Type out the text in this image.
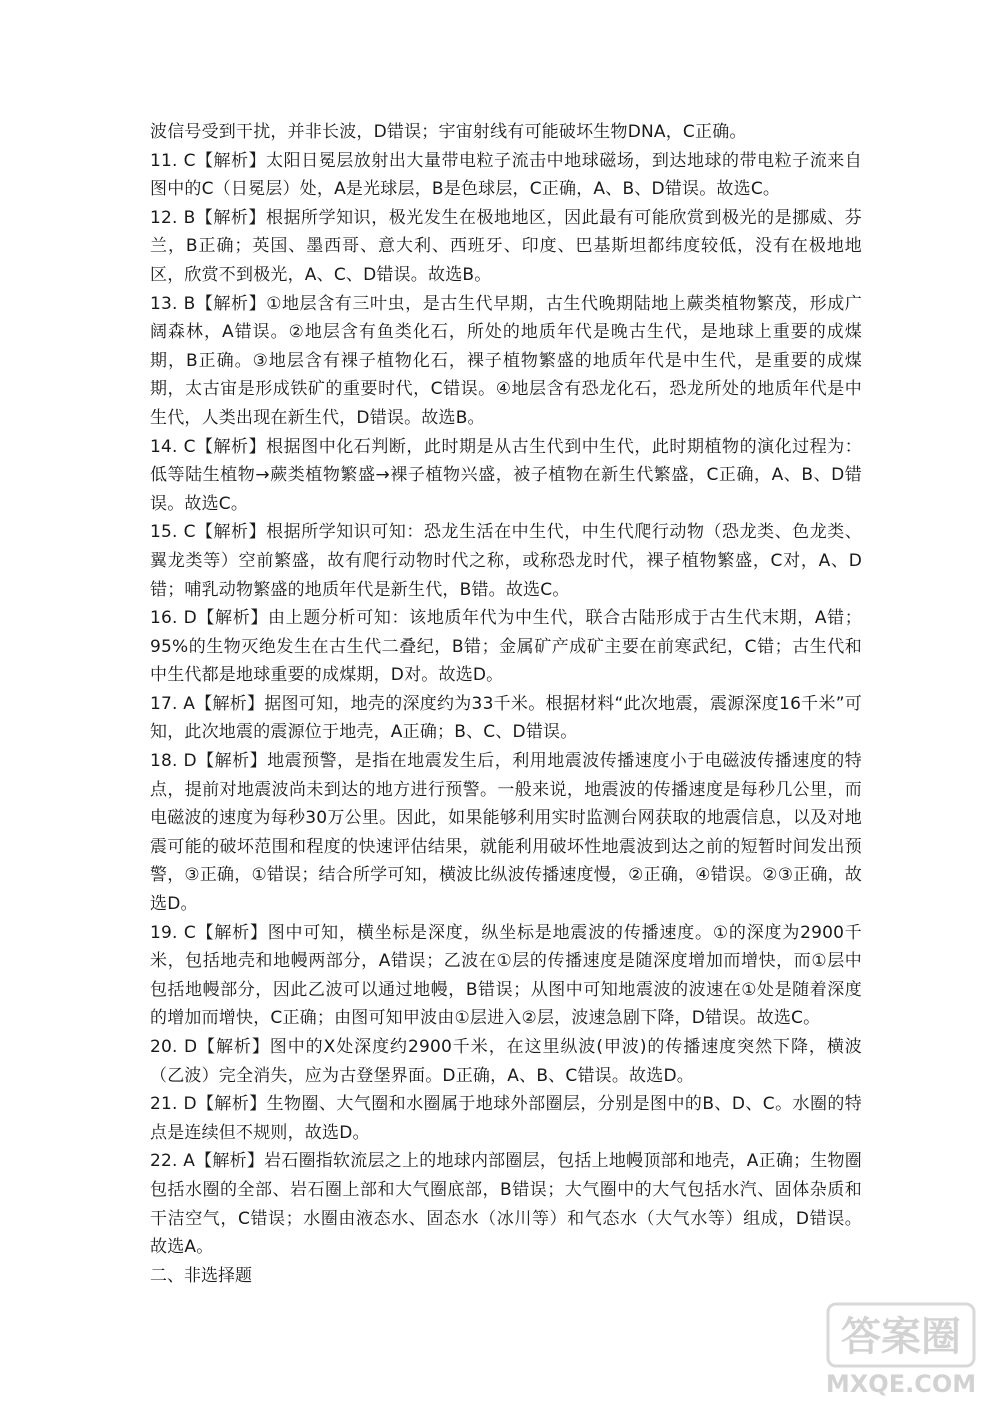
波信号受到干扰，并非长波，D错误；宇宙射线有可能破坏生物DNA，C正确。

11. C【解析】太阳日冕层放射出大量带电粒子流击中地球磁场，到达地球的带电粒子流来自图中的C（日冕层）处，A是光球层，B是色球层，C正确，A、B、D错误。故选C。

12. B【解析】根据所学知识，极光发生在极地地区，因此最有可能欣赏到极光的是挪威、芬兰，B正确；英国、墨西哥、意大利、西班牙、印度、巴基斯坦都纬度较低，没有在极地地区，欣赏不到极光，A、C、D错误。故选B。

13. B【解析】①地层含有三叶虫，是古生代早期，古生代晚期陆地上蕨类植物繁茂，形成广阔森林，A错误。②地层含有鱼类化石，所处的地质年代是晚古生代，是地球上重要的成煤期，B正确。③地层含有裸子植物化石，裸子植物繁盛的地质年代是中生代，是重要的成煤期，太古宙是形成铁矿的重要时代，C错误。④地层含有恐龙化石，恐龙所处的地质年代是中生代，人类出现在新生代，D错误。故选B。

14. C【解析】根据图中化石判断，此时期是从古生代到中生代，此时期植物的演化过程为：低等陆生植物→蕨类植物繁盛→裸子植物兴盛，被子植物在新生代繁盛，C正确，A、B、D错误。故选C。

15. C【解析】根据所学知识可知：恐龙生活在中生代，中生代爬行动物（恐龙类、色龙类、翼龙类等）空前繁盛，故有爬行动物时代之称，或称恐龙时代，裸子植物繁盛，C对，A、D错；哺乳动物繁盛的地质年代是新生代，B错。故选C。

16. D【解析】由上题分析可知：该地质年代为中生代，联合古陆形成于古生代末期，A错；95%的生物灭绝发生在古生代二叠纪，B错；金属矿产成矿主要在前寒武纪，C错；古生代和中生代都是地球重要的成煤期，D对。故选D。

17. A【解析】据图可知，地壳的深度约为33千米。根据材料“此次地震，震源深度16千米”可知，此次地震的震源位于地壳，A正确；B、C、D错误。

18. D【解析】地震预警，是指在地震发生后，利用地震波传播速度小于电磁波传播速度的特点，提前对地震波尚未到达的地方进行预警。一般来说，地震波的传播速度是每秒几公里，而电磁波的速度为每秒30万公里。因此，如果能够利用实时监测台网获取的地震信息，以及对地震可能的破坏范围和程度的快速评估结果，就能利用破坏性地震波到达之前的短暂时间发出预警，③正确，①错误；结合所学可知，横波比纵波传播速度慢，②正确，④错误。②③正确，故选D。

19. C【解析】图中可知，横坐标是深度，纵坐标是地震波的传播速度。①的深度为2900千米，包括地壳和地幔两部分，A错误；乙波在①层的传播速度是随深度增加而增快，而①层中包括地幔部分，因此乙波可以通过地幔，B错误；从图中可知地震波的波速在①处是随着深度的增加而增快，C正确；由图可知甲波由①层进入②层，波速急剧下降，D错误。故选C。

20. D【解析】图中的X处深度约2900千米，在这里纵波(甲波)的传播速度突然下降，横波（乙波）完全消失，应为古登堡界面。D正确，A、B、C错误。故选D。

21. D【解析】生物圈、大气圈和水圈属于地球外部圈层，分别是图中的B、D、C。水圈的特点是连续但不规则，故选D。

22. A【解析】岩石圈指软流层之上的地球内部圈层，包括上地幔顶部和地壳，A正确；生物圈包括水圈的全部、岩石圈上部和大气圈底部，B错误；大气圈中的大气包括水汽、固体杂质和干洁空气，C错误；水圈由液态水、固态水（冰川等）和气态水（大气水等）组成，D错误。故选A。

二、非选择题

答案圈
MXQE.COM
